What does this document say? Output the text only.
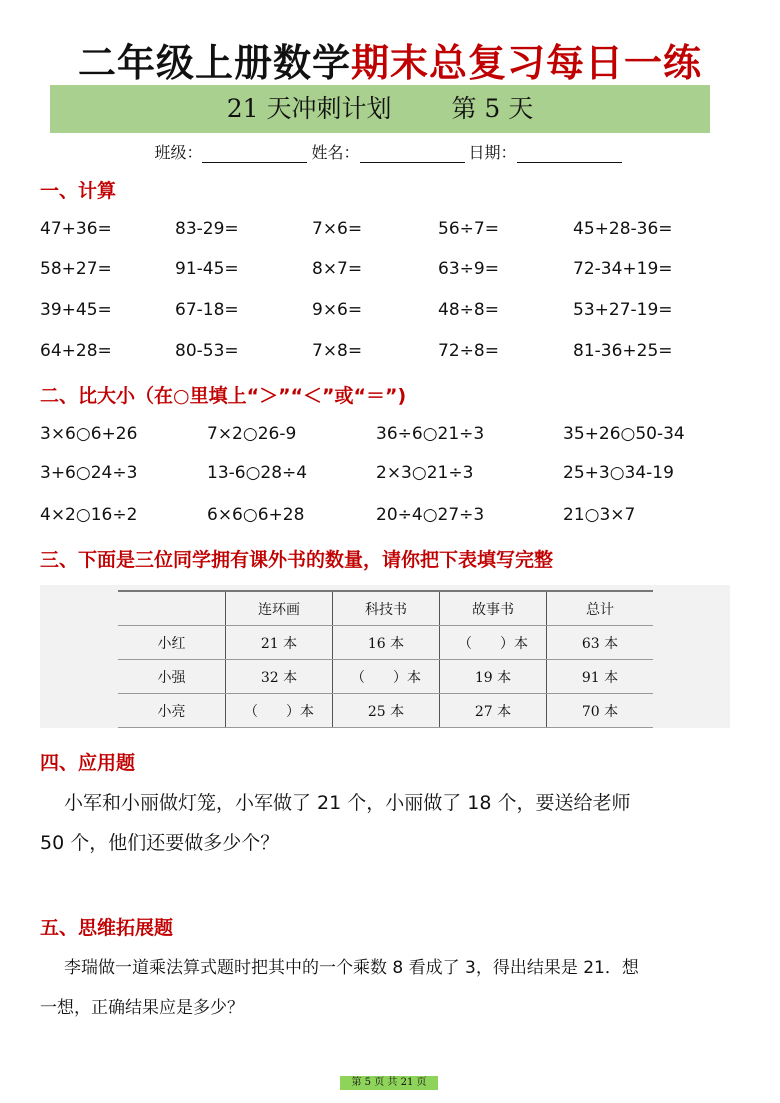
二年级上册数学期末总复习每日一练
21 天冲刺计划 第 5 天
班级：	姓名：	日期：
一、计算
47+36=	83-29=	7×6=	56÷7=	45+28-36=
58+27=	91-45=	8×7=	63÷9=	72-34+19=
39+45=	67-18=	9×6=	48÷8=	53+27-19=
64+28=	80-53=	7×8=	72÷8=	81-36+25=
二、比大小（在○里填上“＞”“＜”或“＝”)
3×6○6+26	7×2○26-9	36÷6○21÷3	35+26○50-34
3+6○24÷3	13-6○28÷4	2×3○21÷3	25+3○34-19
4×2○16÷2	6×6○6+28	20÷4○27÷3	21○3×7
三、下面是三位同学拥有课外书的数量，请你把下表填写完整
	连环画	科技书	故事书	总计
小红	21 本	16 本	（　　）本	63 本
小强	32 本	（　　）本	19 本	91 本
小亮	（　　）本	25 本	27 本	70 本
四、应用题
小军和小丽做灯笼，小军做了 21 个，小丽做了 18 个，要送给老师
50 个，他们还要做多少个？
五、思维拓展题
李瑞做一道乘法算式题时把其中的一个乘数 8 看成了 3，得出结果是 21．想
一想，正确结果应是多少？
第 5 页 共 21 页
